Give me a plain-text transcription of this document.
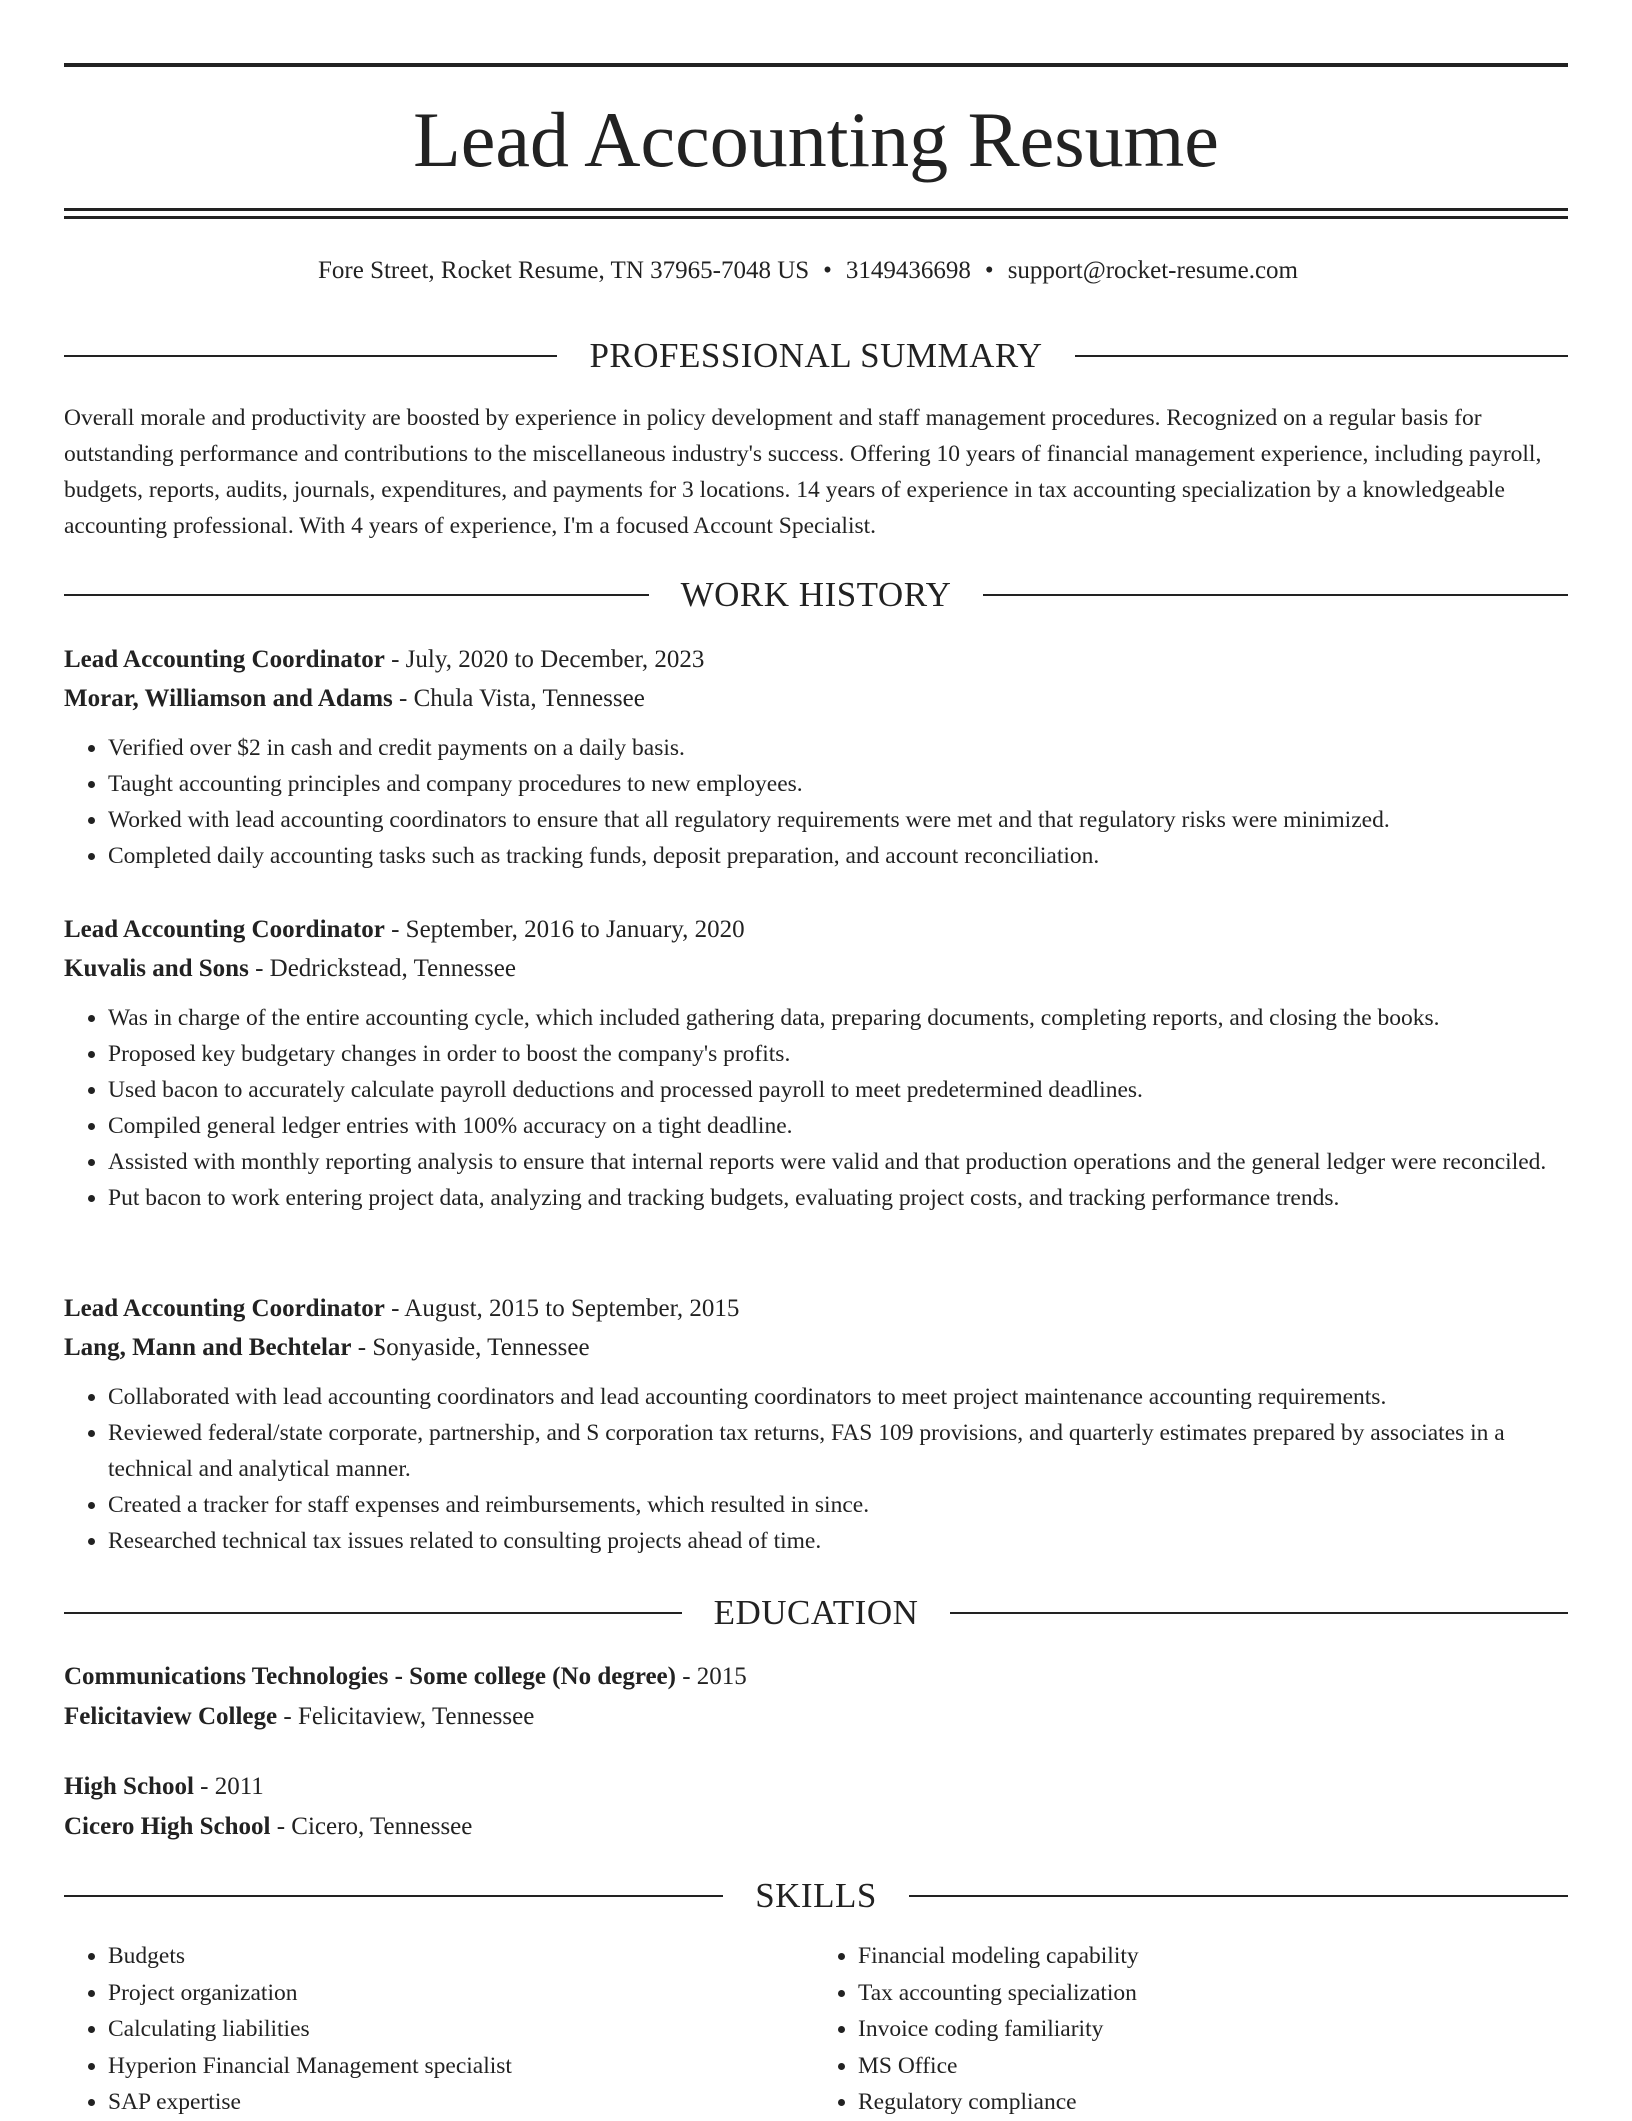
Lead Accounting Resume
Fore Street, Rocket Resume, TN 37965-7048 US • 3149436698 • support@rocket-resume.com
PROFESSIONAL SUMMARY

Overall morale and productivity are boosted by experience in policy development and staff management procedures. Recognized on a regular basis for outstanding performance and contributions to the miscellaneous industry's success. Offering 10 years of financial management experience, including payroll, budgets, reports, audits, journals, expenditures, and payments for 3 locations. 14 years of experience in tax accounting specialization by a knowledgeable accounting professional. With 4 years of experience, I'm a focused Account Specialist.

WORK HISTORY
Lead Accounting Coordinator - July, 2020 to December, 2023
Morar, Williamson and Adams - Chula Vista, Tennessee
• Verified over $2 in cash and credit payments on a daily basis.
• Taught accounting principles and company procedures to new employees.
• Worked with lead accounting coordinators to ensure that all regulatory requirements were met and that regulatory risks were minimized.
• Completed daily accounting tasks such as tracking funds, deposit preparation, and account reconciliation.
Lead Accounting Coordinator - September, 2016 to January, 2020
Kuvalis and Sons - Dedrickstead, Tennessee
• Was in charge of the entire accounting cycle, which included gathering data, preparing documents, completing reports, and closing the books.
• Proposed key budgetary changes in order to boost the company's profits.
• Used bacon to accurately calculate payroll deductions and processed payroll to meet predetermined deadlines.
• Compiled general ledger entries with 100% accuracy on a tight deadline.
• Assisted with monthly reporting analysis to ensure that internal reports were valid and that production operations and the general ledger were reconciled.
• Put bacon to work entering project data, analyzing and tracking budgets, evaluating project costs, and tracking performance trends.
Lead Accounting Coordinator - August, 2015 to September, 2015
Lang, Mann and Bechtelar - Sonyaside, Tennessee
• Collaborated with lead accounting coordinators and lead accounting coordinators to meet project maintenance accounting requirements.
• Reviewed federal/state corporate, partnership, and S corporation tax returns, FAS 109 provisions, and quarterly estimates prepared by associates in a technical and analytical manner.
• Created a tracker for staff expenses and reimbursements, which resulted in since.
• Researched technical tax issues related to consulting projects ahead of time.
EDUCATION
Communications Technologies - Some college (No degree) - 2015
Felicitaview College - Felicitaview, Tennessee
High School - 2011
Cicero High School - Cicero, Tennessee
SKILLS
• Budgets
• Project organization
• Calculating liabilities
• Hyperion Financial Management specialist
• SAP expertise
• Financial modeling capability
• Tax accounting specialization
• Invoice coding familiarity
• MS Office
• Regulatory compliance
